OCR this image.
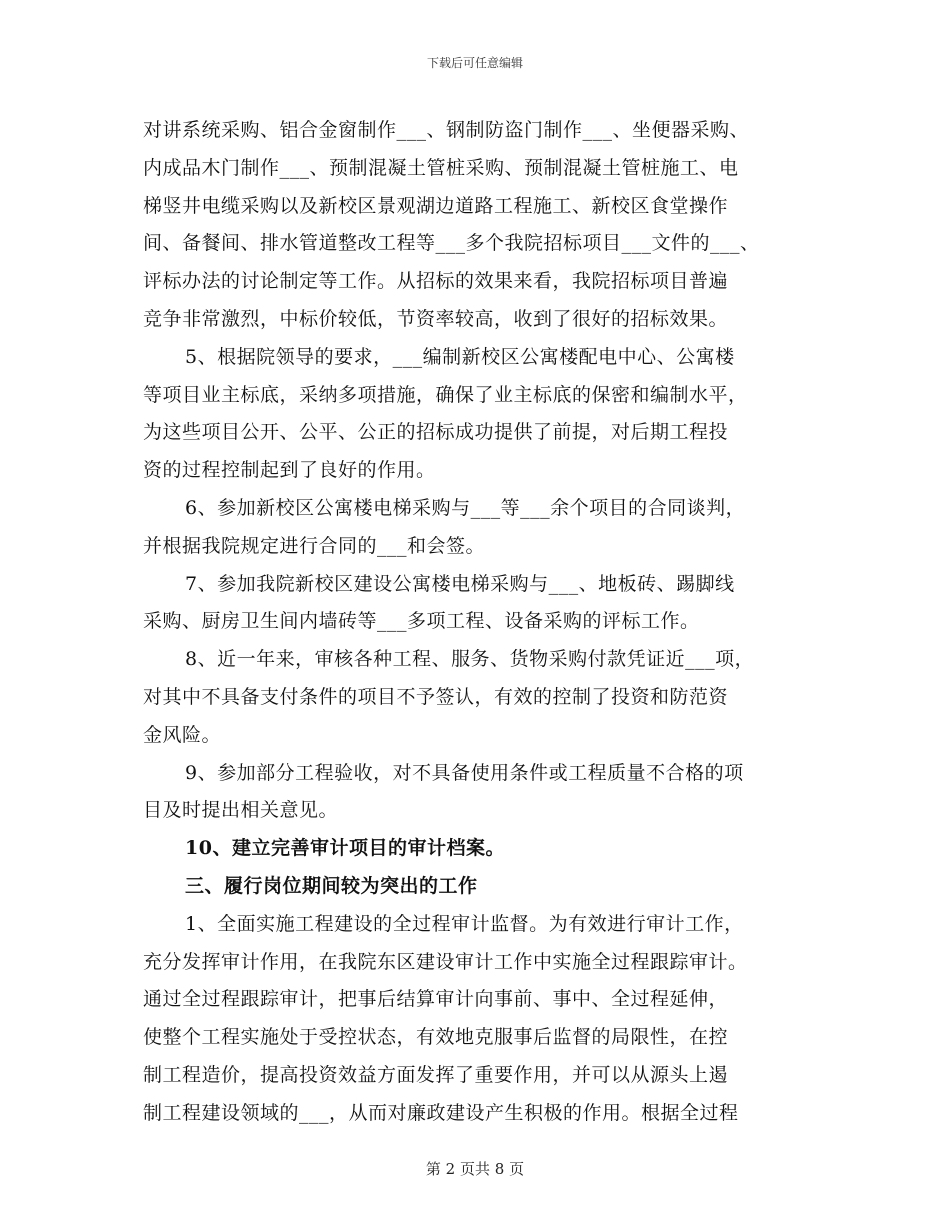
下载后可任意编辑
对讲系统采购、铝合金窗制作___、钢制防盗门制作___、坐便器采购、
内成品木门制作___、预制混凝土管桩采购、预制混凝土管桩施工、电
梯竖井电缆采购以及新校区景观湖边道路工程施工、新校区食堂操作
间、备餐间、排水管道整改工程等___多个我院招标项目___文件的___、
评标办法的讨论制定等工作。从招标的效果来看，我院招标项目普遍
竞争非常激烈，中标价较低，节资率较高，收到了很好的招标效果。
5、根据院领导的要求，___编制新校区公寓楼配电中心、公寓楼
等项目业主标底，采纳多项措施，确保了业主标底的保密和编制水平，
为这些项目公开、公平、公正的招标成功提供了前提，对后期工程投
资的过程控制起到了良好的作用。
6、参加新校区公寓楼电梯采购与___等___余个项目的合同谈判，
并根据我院规定进行合同的___和会签。
7、参加我院新校区建设公寓楼电梯采购与___、地板砖、踢脚线
采购、厨房卫生间内墙砖等___多项工程、设备采购的评标工作。
8、近一年来，审核各种工程、服务、货物采购付款凭证近___项，
对其中不具备支付条件的项目不予签认，有效的控制了投资和防范资
金风险。
9、参加部分工程验收，对不具备使用条件或工程质量不合格的项
目及时提出相关意见。
10、建立完善审计项目的审计档案。
三、履行岗位期间较为突出的工作
1、全面实施工程建设的全过程审计监督。为有效进行审计工作，
充分发挥审计作用，在我院东区建设审计工作中实施全过程跟踪审计。
通过全过程跟踪审计，把事后结算审计向事前、事中、全过程延伸，
使整个工程实施处于受控状态，有效地克服事后监督的局限性，在控
制工程造价，提高投资效益方面发挥了重要作用，并可以从源头上遏
制工程建设领域的___，从而对廉政建设产生积极的作用。根据全过程
第 2 页共 8 页
